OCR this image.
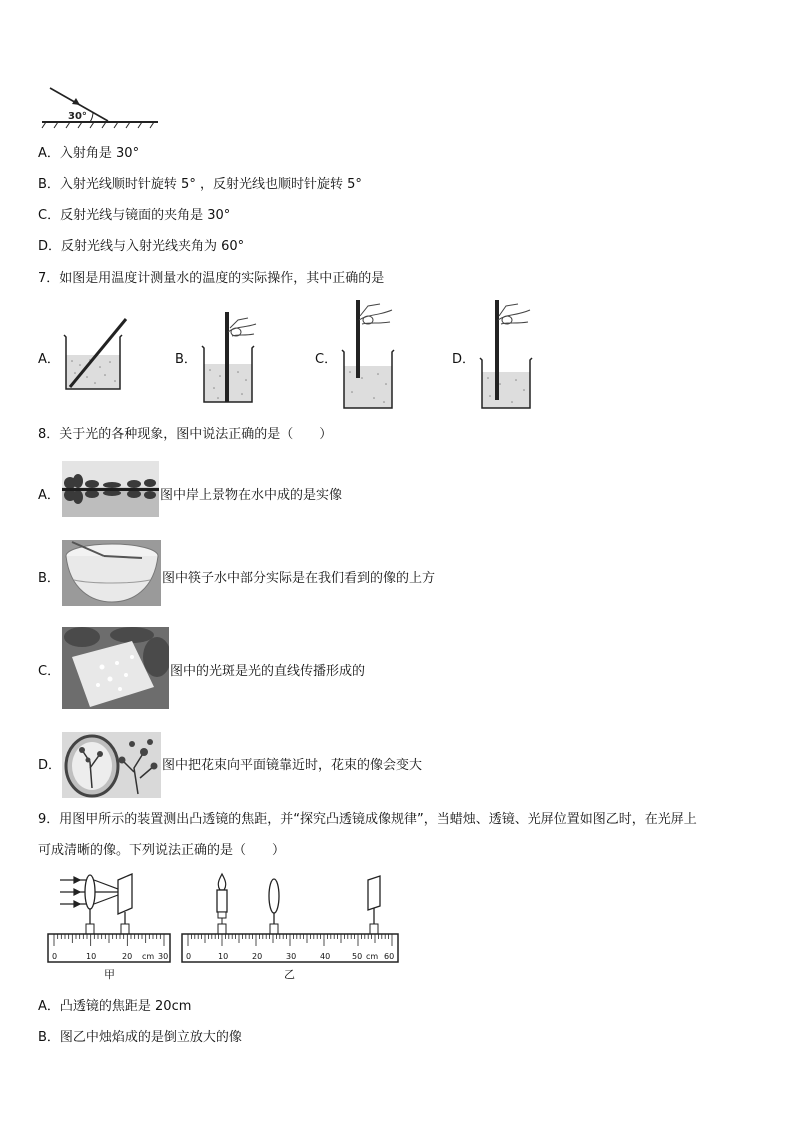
30°
A．入射角是 30°
B．入射光线顺时针旋转 5° ，反射光线也顺时针旋转 5°
C．反射光线与镜面的夹角是 30°
D．反射光线与入射光线夹角为 60°
7．如图是用温度计测量水的温度的实际操作，其中正确的是
A．	B．	C．	D．
8．关于光的各种现象，图中说法正确的是（　　）
A．	图中岸上景物在水中成的是实像
B．	图中筷子水中部分实际是在我们看到的像的上方
C．	图中的光斑是光的直线传播形成的
D．	图中把花束向平面镜靠近时，花束的像会变大
9．用图甲所示的装置测出凸透镜的焦距，并“探究凸透镜成像规律”，当蜡烛、透镜、光屏位置如图乙时，在光屏上
可成清晰的像。下列说法正确的是（　　）
0	10	20 cm 30
甲
0	10	20	30	40	50 cm 60
乙
A．凸透镜的焦距是 20cm
B．图乙中烛焰成的是倒立放大的像
